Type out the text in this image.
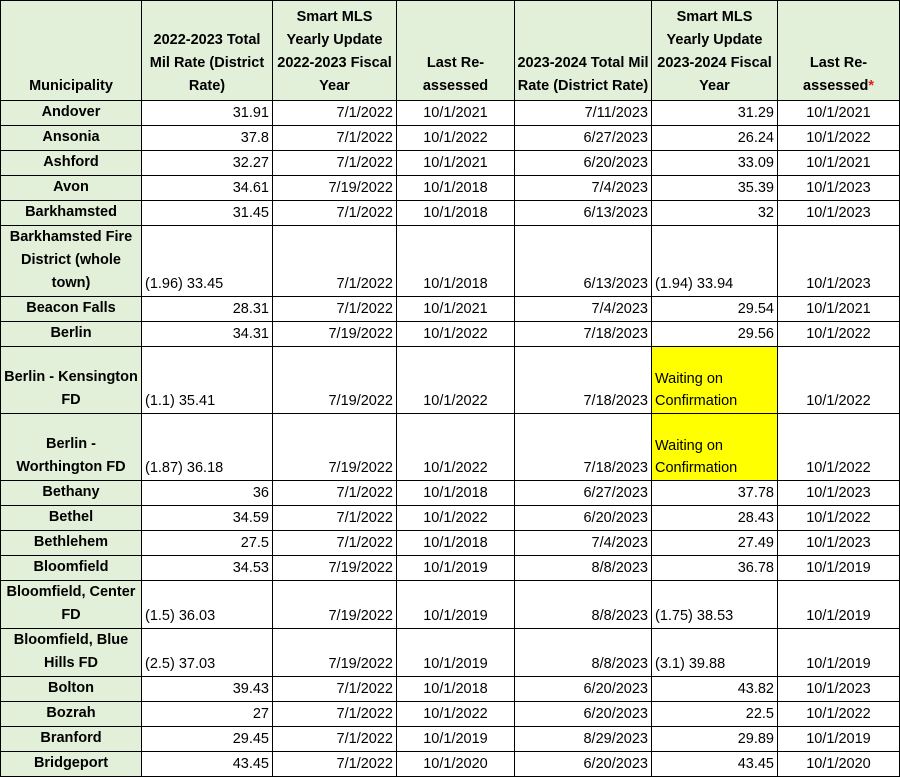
Municipality	2022-2023 Total Mil Rate (District Rate)	Smart MLS Yearly Update 2022-2023 Fiscal Year	Last Re-assessed	2023-2024 Total Mil Rate (District Rate)	Smart MLS Yearly Update 2023-2024 Fiscal Year	Last Re-assessed*
Andover	31.91	7/1/2022	10/1/2021	7/11/2023	31.29	10/1/2021
Ansonia	37.8	7/1/2022	10/1/2022	6/27/2023	26.24	10/1/2022
Ashford	32.27	7/1/2022	10/1/2021	6/20/2023	33.09	10/1/2021
Avon	34.61	7/19/2022	10/1/2018	7/4/2023	35.39	10/1/2023
Barkhamsted	31.45	7/1/2022	10/1/2018	6/13/2023	32	10/1/2023
Barkhamsted Fire District (whole town)	(1.96) 33.45	7/1/2022	10/1/2018	6/13/2023	(1.94) 33.94	10/1/2023
Beacon Falls	28.31	7/1/2022	10/1/2021	7/4/2023	29.54	10/1/2021
Berlin	34.31	7/19/2022	10/1/2022	7/18/2023	29.56	10/1/2022
Berlin - Kensington FD	(1.1) 35.41	7/19/2022	10/1/2022	7/18/2023	Waiting on Confirmation	10/1/2022
Berlin - Worthington FD	(1.87) 36.18	7/19/2022	10/1/2022	7/18/2023	Waiting on Confirmation	10/1/2022
Bethany	36	7/1/2022	10/1/2018	6/27/2023	37.78	10/1/2023
Bethel	34.59	7/1/2022	10/1/2022	6/20/2023	28.43	10/1/2022
Bethlehem	27.5	7/1/2022	10/1/2018	7/4/2023	27.49	10/1/2023
Bloomfield	34.53	7/19/2022	10/1/2019	8/8/2023	36.78	10/1/2019
Bloomfield, Center FD	(1.5) 36.03	7/19/2022	10/1/2019	8/8/2023	(1.75) 38.53	10/1/2019
Bloomfield, Blue Hills FD	(2.5) 37.03	7/19/2022	10/1/2019	8/8/2023	(3.1) 39.88	10/1/2019
Bolton	39.43	7/1/2022	10/1/2018	6/20/2023	43.82	10/1/2023
Bozrah	27	7/1/2022	10/1/2022	6/20/2023	22.5	10/1/2022
Branford	29.45	7/1/2022	10/1/2019	8/29/2023	29.89	10/1/2019
Bridgeport	43.45	7/1/2022	10/1/2020	6/20/2023	43.45	10/1/2020
